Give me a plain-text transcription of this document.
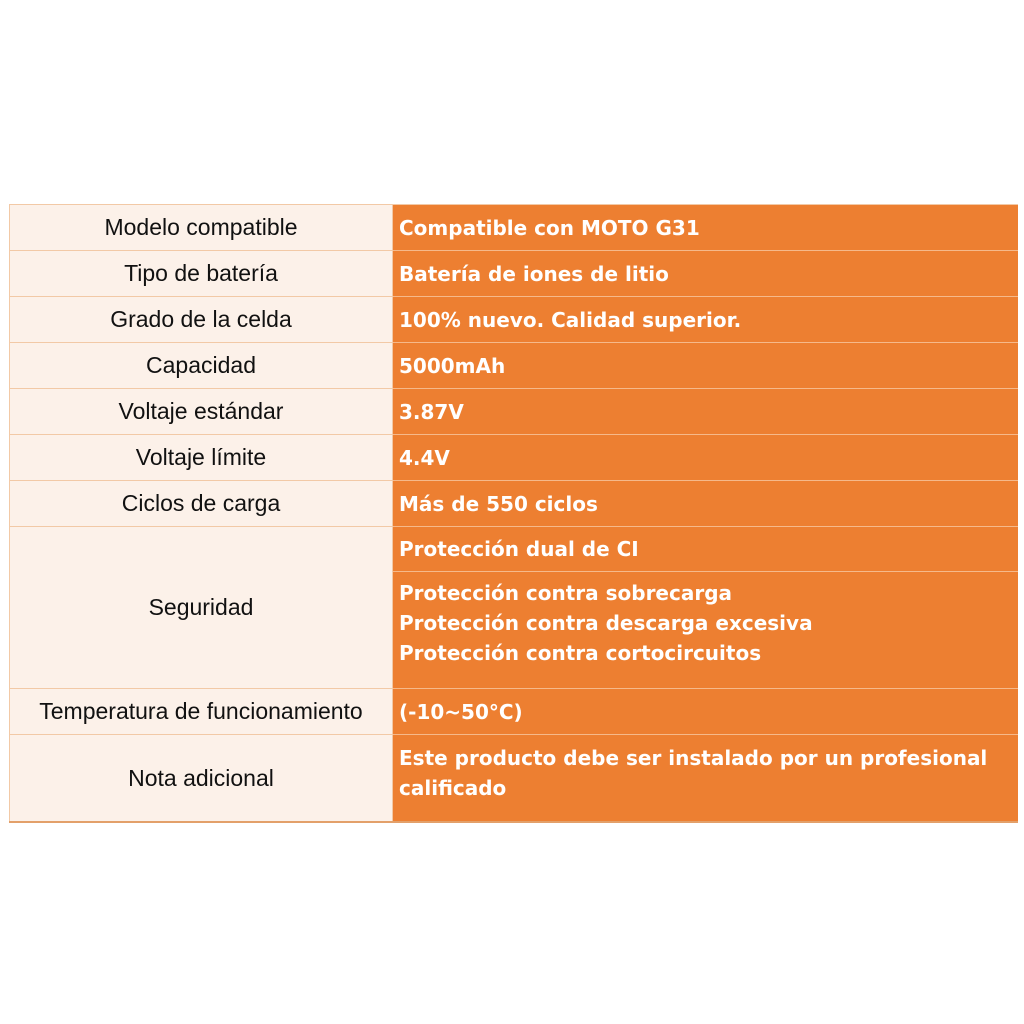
Modelo compatible	Compatible con MOTO G31
Tipo de batería	Batería de iones de litio
Grado de la celda	100% nuevo. Calidad superior.
Capacidad	5000mAh
Voltaje estándar	3.87V
Voltaje límite	4.4V
Ciclos de carga	Más de 550 ciclos
Seguridad	Protección dual de CI

	Protección contra sobrecarga
Protección contra descarga excesiva
Protección contra cortocircuitos

Temperatura de funcionamiento	(-10~50°C)
Nota adicional	Este producto debe ser instalado por un profesional
calificado
